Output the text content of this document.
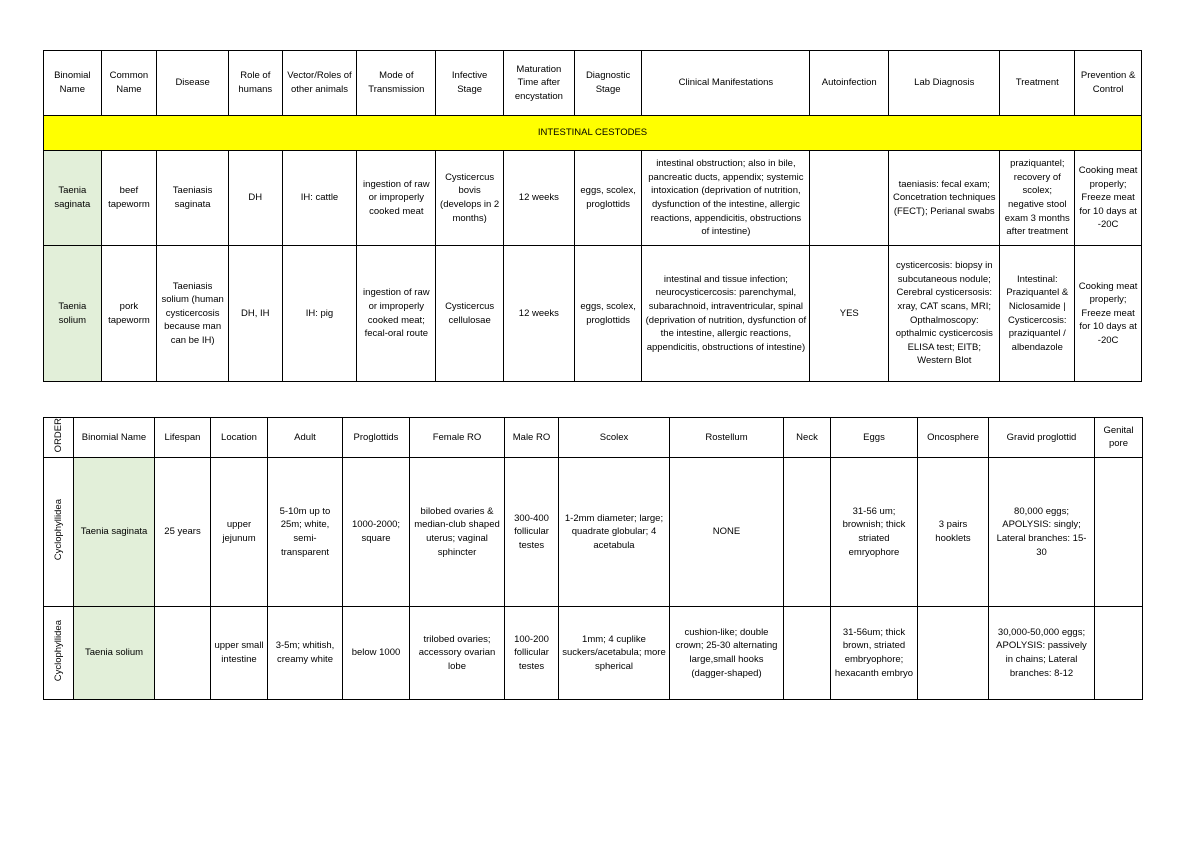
Binomial Name	Common Name	Disease	Role of humans	Vector/Roles of other animals	Mode of Transmission	Infective Stage	Maturation Time after encystation	Diagnostic Stage	Clinical Manifestations	Autoinfection	Lab Diagnosis	Treatment	Prevention & Control
INTESTINAL CESTODES													
Taenia saginata	beef tapeworm	Taeniasis saginata	DH	IH: cattle	ingestion of raw or improperly cooked meat	Cysticercus bovis (develops in 2 months)	12 weeks	eggs, scolex, proglottids	intestinal obstruction; also in bile, pancreatic ducts, appendix; systemic intoxication (deprivation of nutrition, dysfunction of the intestine, allergic reactions, appendicitis, obstructions of intestine)		taeniasis: fecal exam; Concetration techniques (FECT); Perianal swabs	praziquantel; recovery of scolex; negative stool exam 3 months after treatment	Cooking meat properly; Freeze meat for 10 days at -20C
Taenia solium	pork tapeworm	Taeniasis solium (human cysticercosis because man can be IH)	DH, IH	IH: pig	ingestion of raw or improperly cooked meat; fecal-oral route	Cysticercus cellulosae	12 weeks	eggs, scolex, proglottids	intestinal and tissue infection; neurocysticercosis: parenchymal, subarachnoid, intraventricular, spinal (deprivation of nutrition, dysfunction of the intestine, allergic reactions, appendicitis, obstructions of intestine)	YES	cysticercosis: biopsy in subcutaneous nodule; Cerebral cysticersosis: xray, CAT scans, MRI; Opthalmoscopy: opthalmic cysticercosis ELISA test; EITB; Western Blot	Intestinal: Praziquantel & Niclosamide | Cysticercosis: praziquantel / albendazole	Cooking meat properly; Freeze meat for 10 days at -20C
ORDER	Binomial Name	Lifespan	Location	Adult	Proglottids	Female RO	Male RO	Scolex	Rostellum	Neck	Eggs	Oncosphere	Gravid proglottid	Genital pore
Cyclophyllidea	Taenia saginata	25 years	upper jejunum	5-10m up to 25m; white, semi-transparent	1000-2000; square	bilobed ovaries & median-club shaped uterus; vaginal sphincter	300-400 follicular testes	1-2mm diameter; large; quadrate globular; 4 acetabula	NONE		31-56 um; brownish; thick striated emryophore	3 pairs hooklets	80,000 eggs; APOLYSIS: singly; Lateral branches: 15-30	
Cyclophyllidea	Taenia solium		upper small intestine	3-5m; whitish, creamy white	below 1000	trilobed ovaries; accessory ovarian lobe	100-200 follicular testes	1mm; 4 cuplike suckers/acetabula; more spherical	cushion-like; double crown; 25-30 alternating large,small hooks (dagger-shaped)		31-56um; thick brown, striated embryophore; hexacanth embryo		30,000-50,000 eggs; APOLYSIS: passively in chains; Lateral branches: 8-12	
